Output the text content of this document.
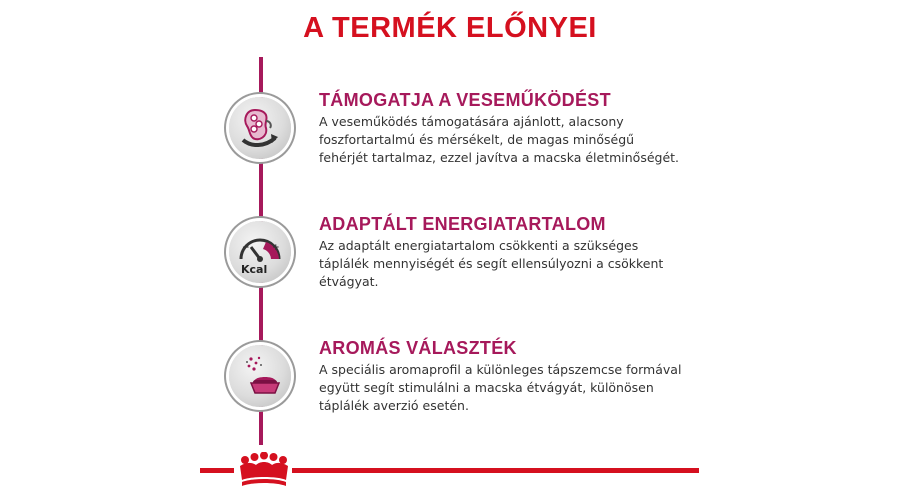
A TERMÉK ELŐNYEI
TÁMOGATJA A VESEMŰKÖDÉST
A veseműködés támogatására ajánlott, alacsony
foszfortartalmú és mérsékelt, de magas minőségű
fehérjét tartalmaz, ezzel javítva a macska életminőségét.
− +
Kcal
ADAPTÁLT ENERGIATARTALOM
Az adaptált energiatartalom csökkenti a szükséges
táplálék mennyiségét és segít ellensúlyozni a csökkent
étvágyat.
AROMÁS VÁLASZTÉK
A speciális aromaprofil a különleges tápszemcse formával
együtt segít stimulálni a macska étvágyát, különösen
táplálék averzió esetén.
